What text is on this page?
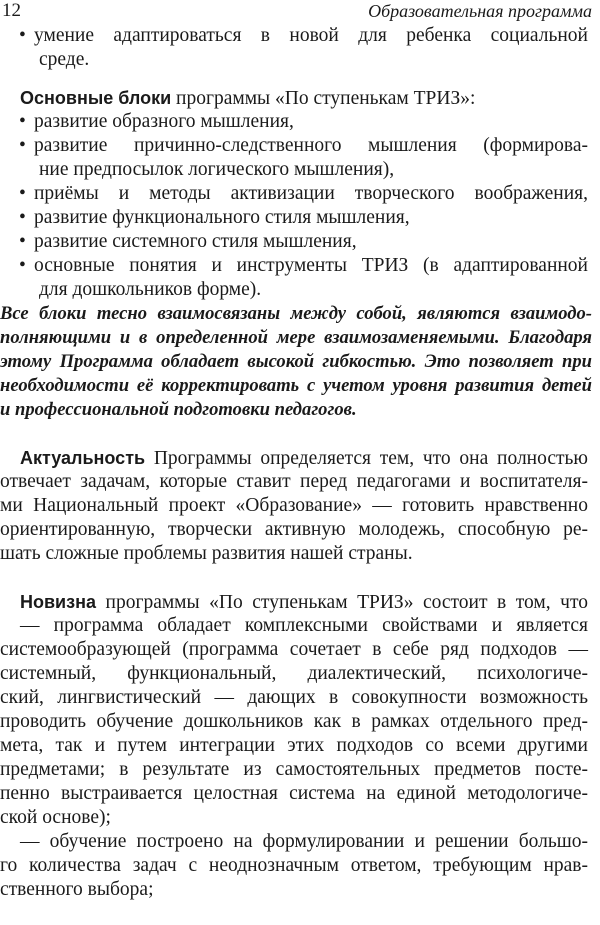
12	Образовательная программа
• умение адаптироваться в новой для ребенка социальной
среде.
Основные блоки программы «По ступенькам ТРИЗ»:
• развитие образного мышления,
• развитие причинно-следственного мышления (формирова-
ние предпосылок логического мышления),
• приёмы и методы активизации творческого воображения,
• развитие функционального стиля мышления,
• развитие системного стиля мышления,
• основные понятия и инструменты ТРИЗ (в адаптированной
для дошкольников форме).
Все блоки тесно взаимосвязаны между собой, являются взаимодо-
полняющими и в определенной мере взаимозаменяемыми. Благодаря
этому Программа обладает высокой гибкостью. Это позволяет при
необходимости её корректировать с учетом уровня развития детей
и профессиональной подготовки педагогов.
Актуальность Программы определяется тем, что она полностью
отвечает задачам, которые ставит перед педагогами и воспитателя-
ми Национальный проект «Образование» — готовить нравственно
ориентированную, творчески активную молодежь, способную ре-
шать сложные проблемы развития нашей страны.
Новизна программы «По ступенькам ТРИЗ» состоит в том, что
— программа обладает комплексными свойствами и является
системообразующей (программа сочетает в себе ряд подходов —
системный, функциональный, диалектический, психологиче-
ский, лингвистический — дающих в совокупности возможность
проводить обучение дошкольников как в рамках отдельного пред-
мета, так и путем интеграции этих подходов со всеми другими
предметами; в результате из самостоятельных предметов посте-
пенно выстраивается целостная система на единой методологиче-
ской основе);
— обучение построено на формулировании и решении большо-
го количества задач с неоднозначным ответом, требующим нрав-
ственного выбора;
